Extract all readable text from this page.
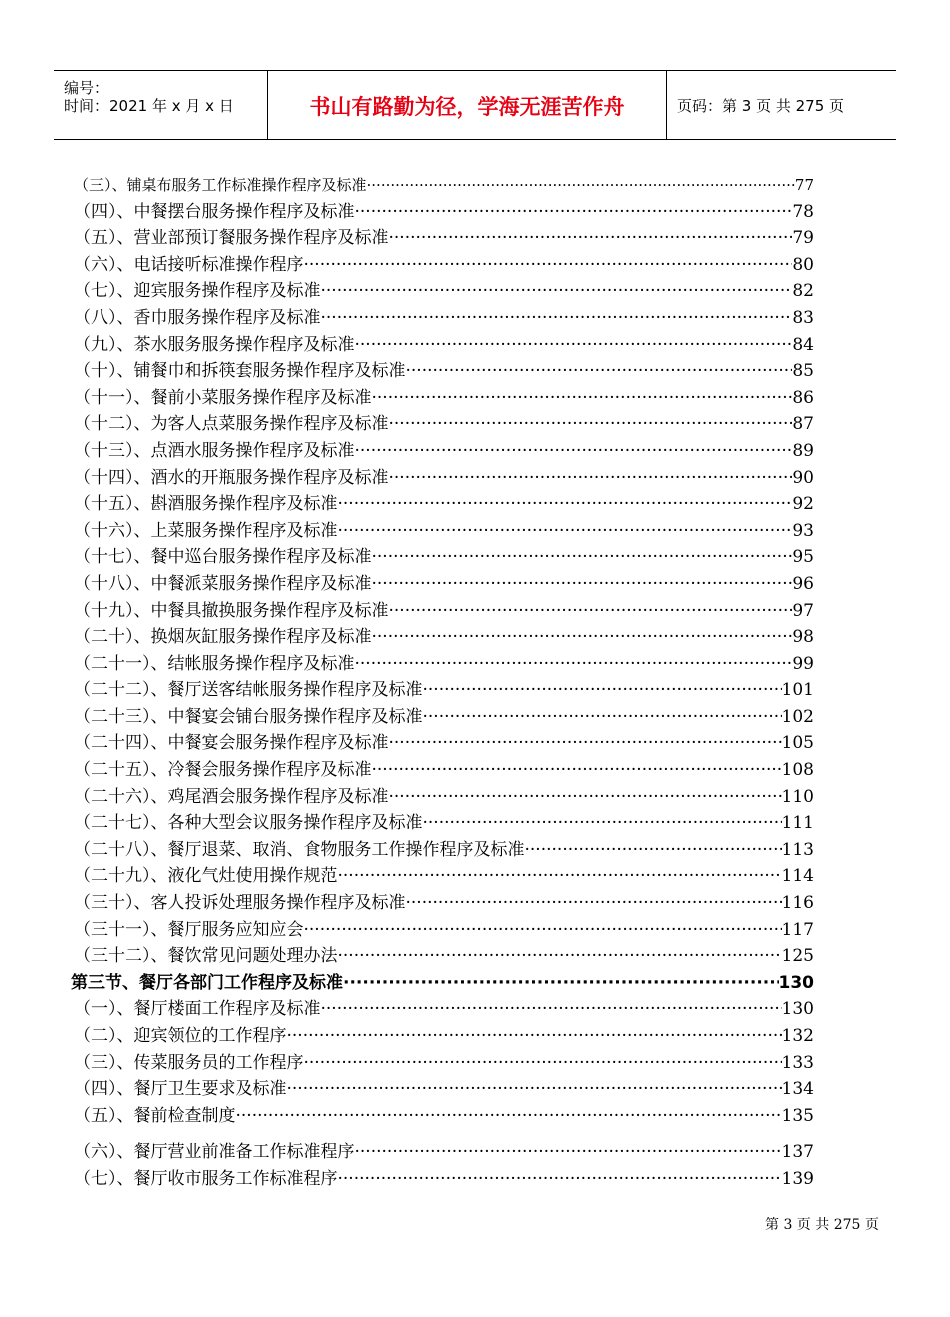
编号：
时间：2021 年 x 月 x 日	书山有路勤为径，学海无涯苦作舟	页码：第 3 页 共 275 页
（三）、铺桌布服务工作标准操作程序及标准 ·····	77
（四）、中餐摆台服务操作程序及标准 ·····	78
（五）、营业部预订餐服务操作程序及标准 ·····	79
（六）、电话接听标准操作程序 ·····	80
（七）、迎宾服务操作程序及标准 ·····	82
（八）、香巾服务操作程序及标准 ·····	83
（九）、茶水服务服务操作程序及标准 ·····	84
（十）、铺餐巾和拆筷套服务操作程序及标准 ·····	85
（十一）、餐前小菜服务操作程序及标准 ·····	86
（十二）、为客人点菜服务操作程序及标准 ·····	87
（十三）、点酒水服务操作程序及标准 ·····	89
（十四）、酒水的开瓶服务操作程序及标准 ·····	90
（十五）、斟酒服务操作程序及标准 ·····	92
（十六）、上菜服务操作程序及标准 ·····	93
（十七）、餐中巡台服务操作程序及标准 ·····	95
（十八）、中餐派菜服务操作程序及标准 ·····	96
（十九）、中餐具撤换服务操作程序及标准 ·····	97
（二十）、换烟灰缸服务操作程序及标准 ·····	98
（二十一）、结帐服务操作程序及标准 ·····	99
（二十二）、餐厅送客结帐服务操作程序及标准 ·····	101
（二十三）、中餐宴会铺台服务操作程序及标准 ·····	102
（二十四）、中餐宴会服务操作程序及标准 ·····	105
（二十五）、冷餐会服务操作程序及标准 ·····	108
（二十六）、鸡尾酒会服务操作程序及标准 ·····	110
（二十七）、各种大型会议服务操作程序及标准 ·····	111
（二十八）、餐厅退菜、取消、食物服务工作操作程序及标准 ·····	113
（二十九）、液化气灶使用操作规范 ·····	114
（三十）、客人投诉处理服务操作程序及标准 ·····	116
（三十一）、餐厅服务应知应会 ·····	117
（三十二）、餐饮常见问题处理办法 ·····	125
第三节、餐厅各部门工作程序及标准 ·····	130
（一）、餐厅楼面工作程序及标准 ·····	130
（二）、迎宾领位的工作程序 ·····	132
（三）、传菜服务员的工作程序 ·····	133
（四）、餐厅卫生要求及标准 ·····	134
（五）、餐前检查制度 ·····	135
（六）、餐厅营业前准备工作标准程序 ·····	137
（七）、餐厅收市服务工作标准程序 ·····	139
第 3 页 共 275 页
